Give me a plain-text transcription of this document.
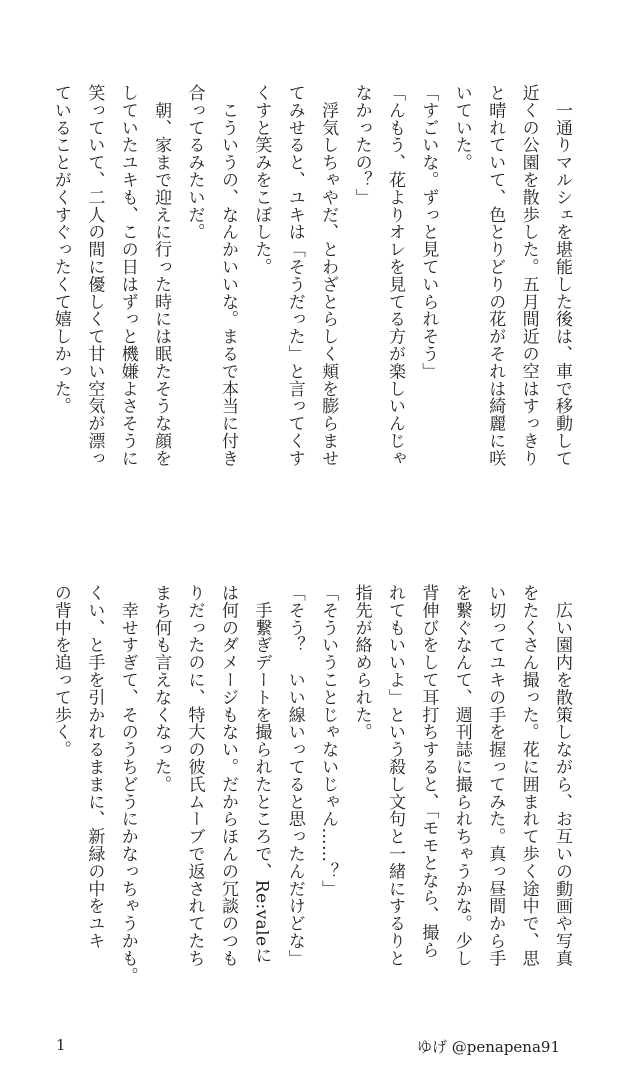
　一通りマルシェを堪能した後は、車で移動して
近くの公園を散歩した。五月間近の空はすっきり
と晴れていて、色とりどりの花がそれは綺麗に咲
いていた。

「すごいな。ずっと見ていられそう」

「んもう、花よりオレを見てる方が楽しいんじゃ
なかったの？」

　浮気しちゃやだ、とわざとらしく頬を膨らませ
てみせると、ユキは「そうだった」と言ってくす
くすと笑みをこぼした。

　こういうの、なんかいいな。まるで本当に付き
合ってるみたいだ。

　朝、家まで迎えに行った時には眠たそうな顔を
していたユキも、この日はずっと機嫌よさそうに
笑っていて、二人の間に優しくて甘い空気が漂っ
ていることがくすぐったくて嬉しかった。

　広い園内を散策しながら、お互いの動画や写真
をたくさん撮った。花に囲まれて歩く途中で、思
い切ってユキの手を握ってみた。真っ昼間から手
を繋ぐなんて、週刊誌に撮られちゃうかな。少し
背伸びをして耳打ちすると、「モモとなら、撮ら
れてもいいよ」という殺し文句と一緒にするりと
指先が絡められた。

「そういうことじゃないじゃん……？」

「そう？　いい線いってると思ったんだけどな」

　手繋ぎデートを撮られたところで、Re:valeに
は何のダメージもない。だからほんの冗談のつも
りだったのに、特大の彼氏ムーブで返されてたち
まち何も言えなくなった。

　幸せすぎて、そのうちどうにかなっちゃうかも。
くい、と手を引かれるままに、新緑の中をユキ
の背中を追って歩く。

1	ゆげ @penapena91
